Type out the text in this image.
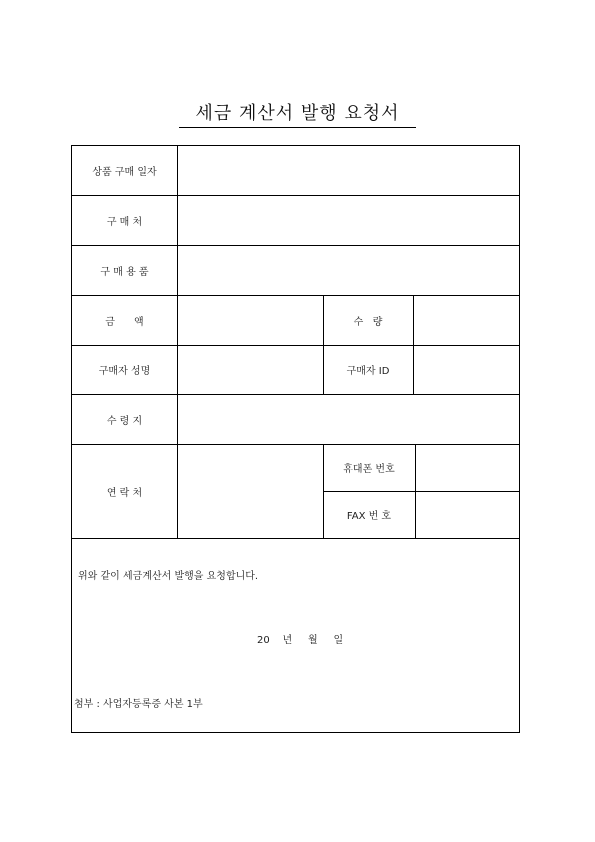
세금 계산서 발행 요청서
상품 구매 일자
구 매 처
구 매 용 품
금      액	수   량
구매자 성명	구매자 ID
수 령 지
연 락 처
휴대폰 번호
FAX 번 호
위와 같이 세금계산서 발행을 요청합니다.
20    년     월     일
첨부 : 사업자등록증 사본 1부
